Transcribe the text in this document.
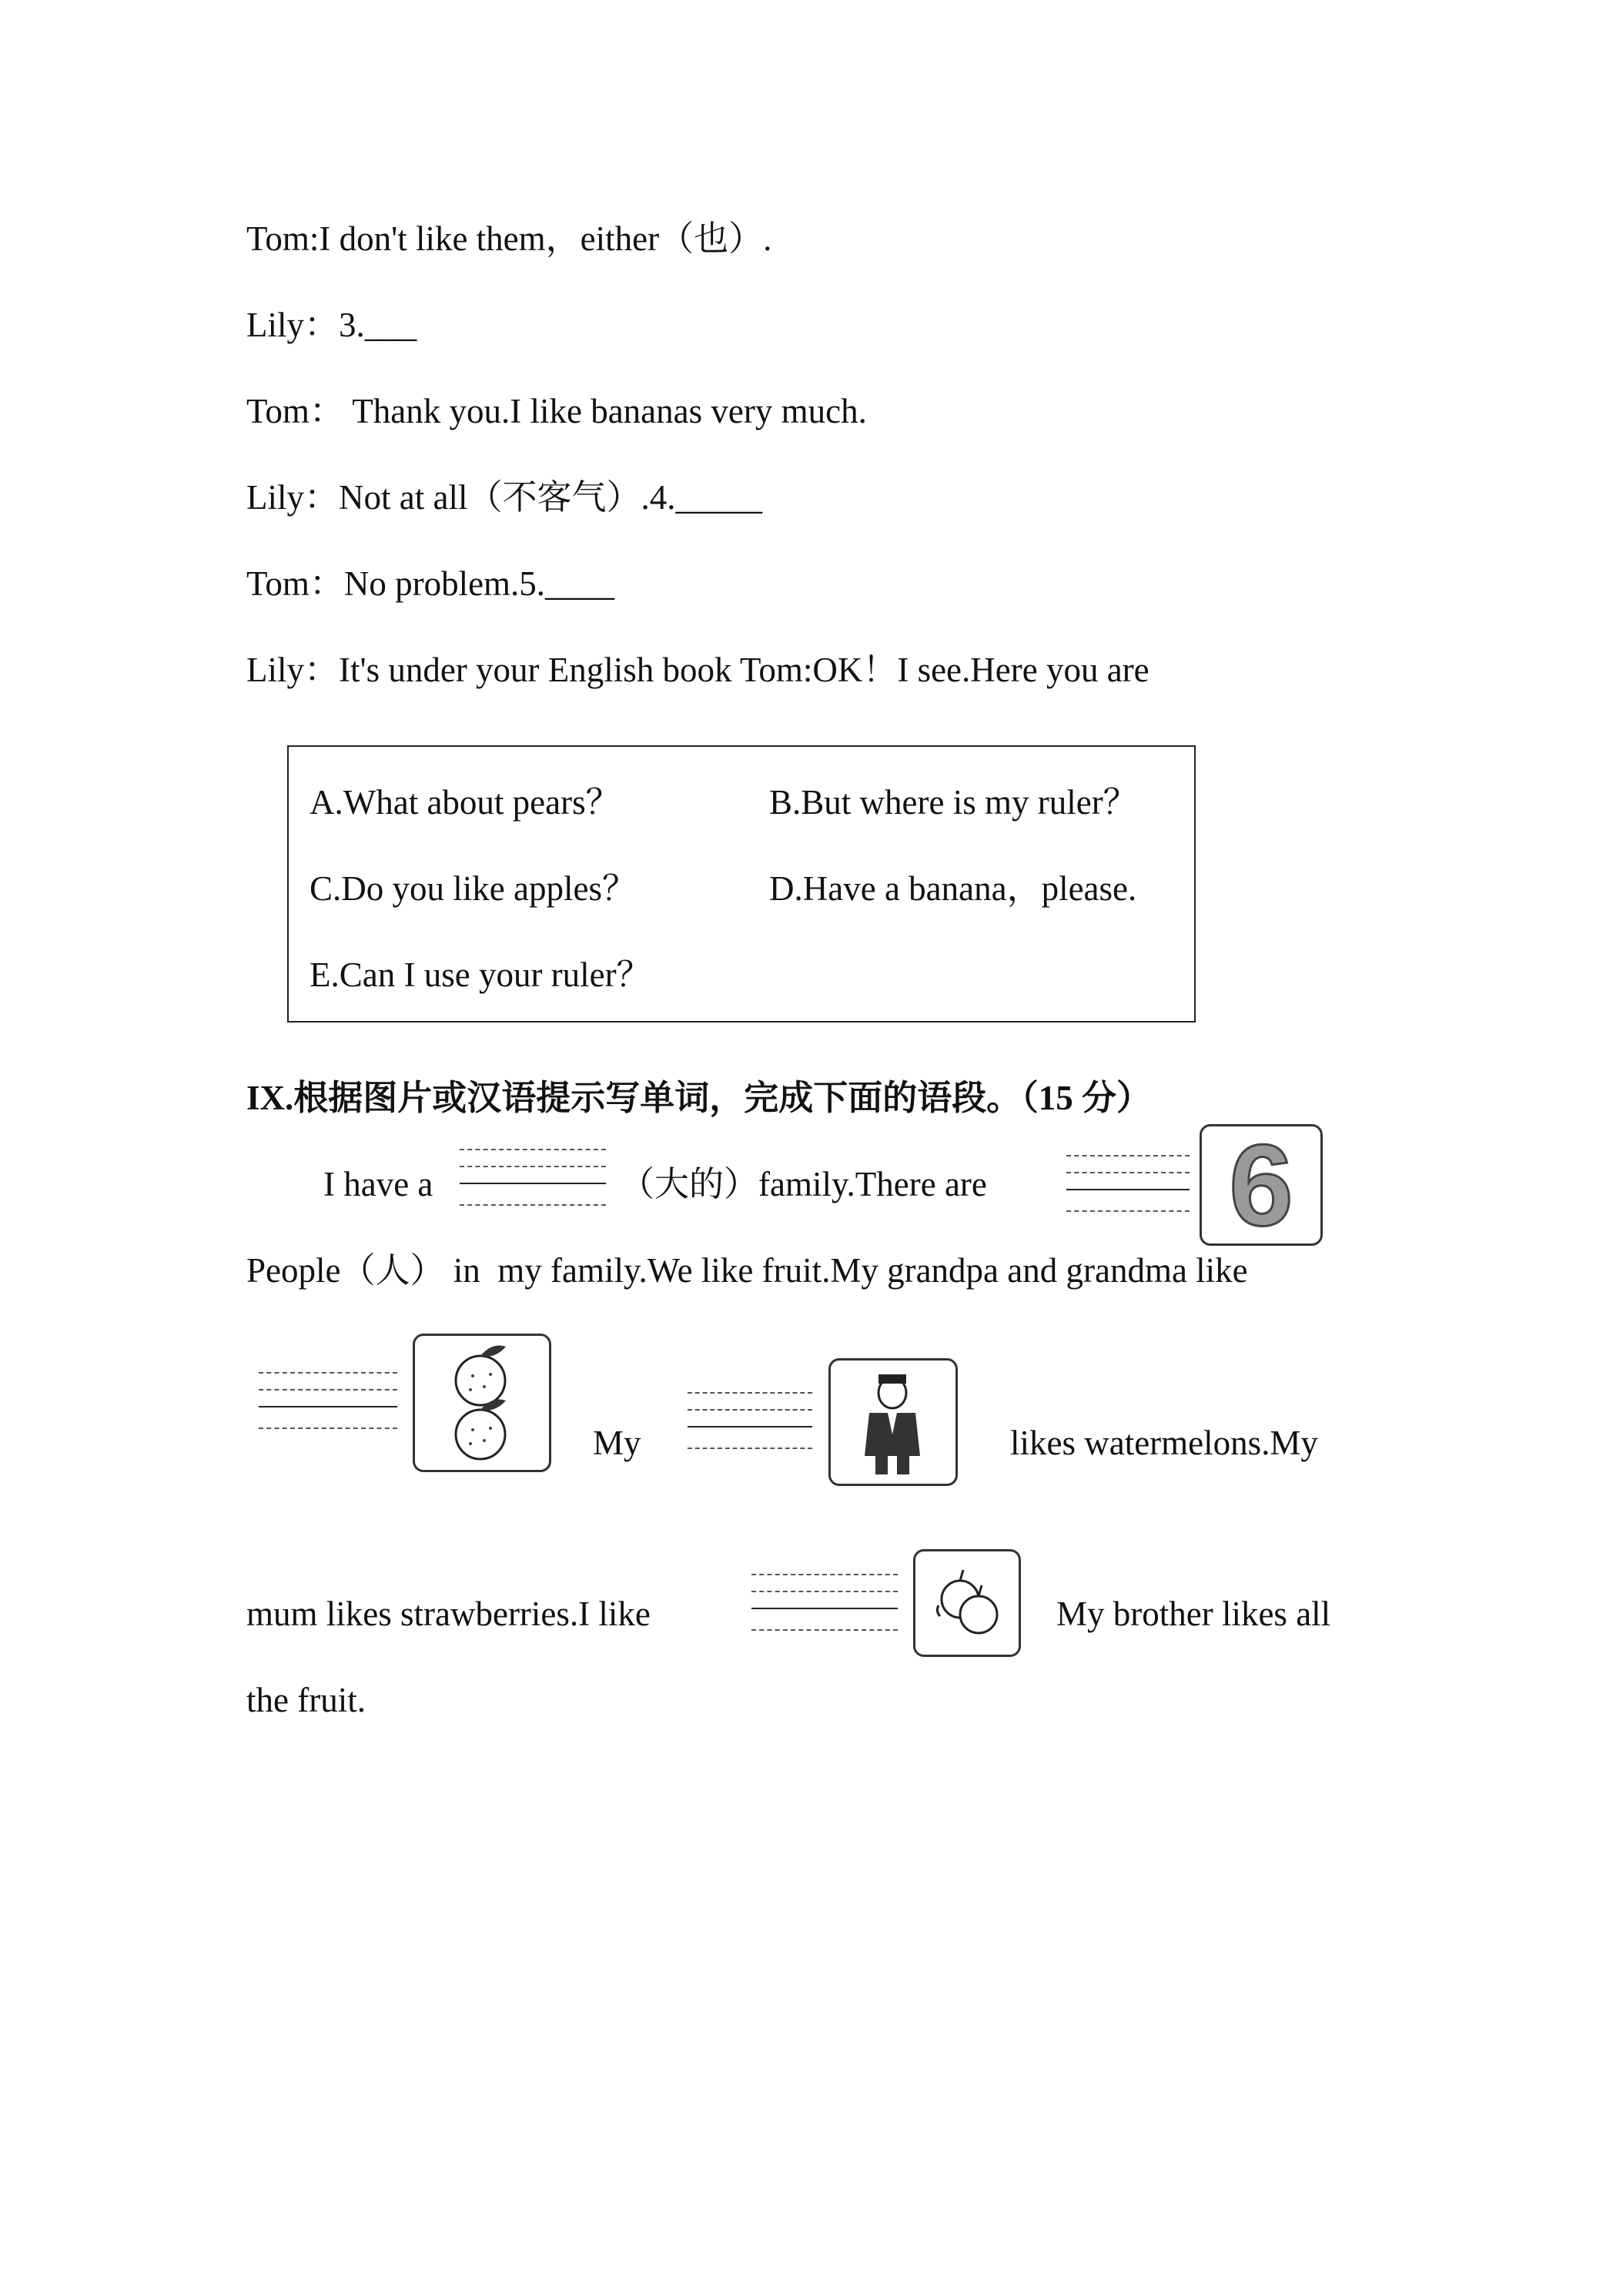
Tom:I don't like them，either（也）.
Lily：3.___
Tom： Thank you.I like bananas very much.
Lily：Not at all（不客气）.4._____
Tom：No problem.5.____
Lily：It's under your English book Tom:OK！I see.Here you are
A.What about pears？	B.But where is my ruler？
C.Do you like apples？	D.Have a banana，please.
E.Can I use your ruler？
IX.根据图片或汉语提示写单词，完成下面的语段。（15 分）
I have a	（大的）family.There are 6
People（人） in  my family.We like fruit.My grandpa and grandma like
My	likes watermelons.My
mum likes strawberries.I like	My brother likes all
the fruit.
